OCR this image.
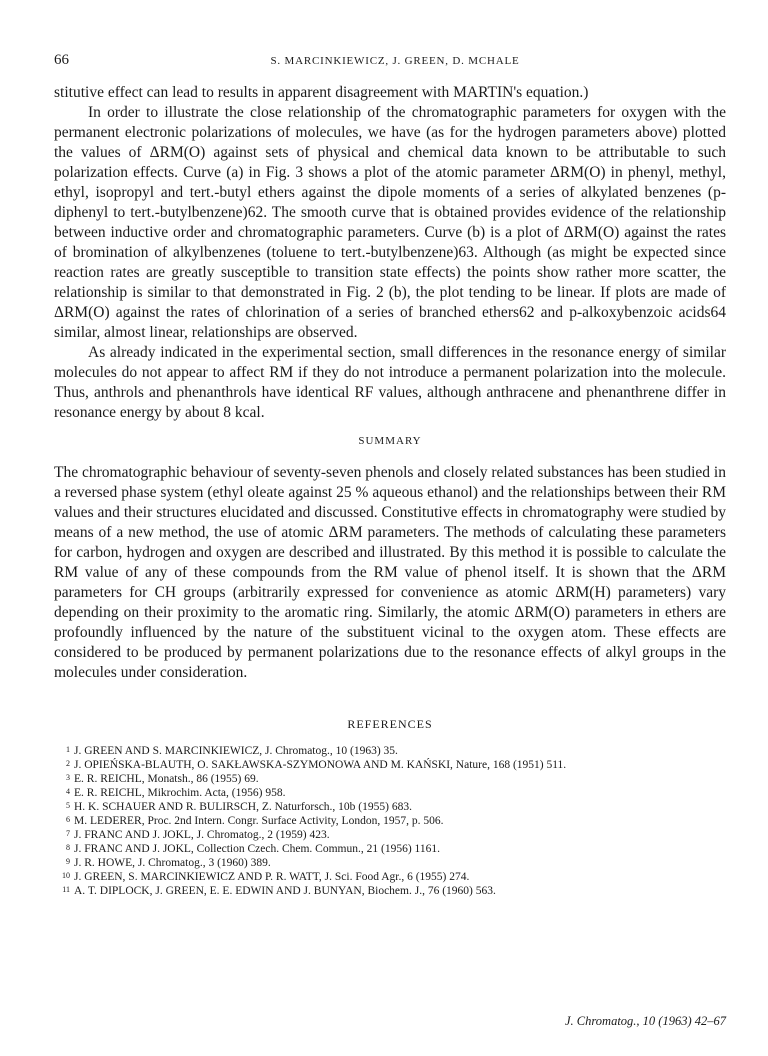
66	S. MARCINKIEWICZ, J. GREEN, D. MCHALE

stitutive effect can lead to results in apparent disagreement with MARTIN's equation.)

In order to illustrate the close relationship of the chromatographic parameters for oxygen with the permanent electronic polarizations of molecules, we have (as for the hydrogen parameters above) plotted the values of ΔRM(O) against sets of physical and chemical data known to be attributable to such polarization effects. Curve (a) in Fig. 3 shows a plot of the atomic parameter ΔRM(O) in phenyl, methyl, ethyl, isopropyl and tert.-butyl ethers against the dipole moments of a series of alkylated benzenes (p-diphenyl to tert.-butylbenzene)62. The smooth curve that is obtained provides evidence of the relationship between inductive order and chromatographic parameters. Curve (b) is a plot of ΔRM(O) against the rates of bromination of alkylbenzenes (toluene to tert.-butylbenzene)63. Although (as might be expected since reaction rates are greatly susceptible to transition state effects) the points show rather more scatter, the relationship is similar to that demonstrated in Fig. 2 (b), the plot tending to be linear. If plots are made of ΔRM(O) against the rates of chlorination of a series of branched ethers62 and p-alkoxybenzoic acids64 similar, almost linear, relationships are observed.

As already indicated in the experimental section, small differences in the resonance energy of similar molecules do not appear to affect RM if they do not introduce a permanent polarization into the molecule. Thus, anthrols and phenanthrols have identical RF values, although anthracene and phenanthrene differ in resonance energy by about 8 kcal.

SUMMARY

The chromatographic behaviour of seventy-seven phenols and closely related substances has been studied in a reversed phase system (ethyl oleate against 25 % aqueous ethanol) and the relationships between their RM values and their structures elucidated and discussed. Constitutive effects in chromatography were studied by means of a new method, the use of atomic ΔRM parameters. The methods of calculating these parameters for carbon, hydrogen and oxygen are described and illustrated. By this method it is possible to calculate the RM value of any of these compounds from the RM value of phenol itself. It is shown that the ΔRM parameters for CH groups (arbitrarily expressed for convenience as atomic ΔRM(H) parameters) vary depending on their proximity to the aromatic ring. Similarly, the atomic ΔRM(O) parameters in ethers are profoundly influenced by the nature of the substituent vicinal to the oxygen atom. These effects are considered to be produced by permanent polarizations due to the resonance effects of alkyl groups in the molecules under consideration.

REFERENCES
1 J. GREEN AND S. MARCINKIEWICZ, J. Chromatog., 10 (1963) 35.
2 J. OPIEŃSKA-BLAUTH, O. SAKŁAWSKA-SZYMONOWA AND M. KAŃSKI, Nature, 168 (1951) 511.
3 E. R. REICHL, Monatsh., 86 (1955) 69.
4 E. R. REICHL, Mikrochim. Acta, (1956) 958.
5 H. K. SCHAUER AND R. BULIRSCH, Z. Naturforsch., 10b (1955) 683.
6 M. LEDERER, Proc. 2nd Intern. Congr. Surface Activity, London, 1957, p. 506.
7 J. FRANC AND J. JOKL, J. Chromatog., 2 (1959) 423.
8 J. FRANC AND J. JOKL, Collection Czech. Chem. Commun., 21 (1956) 1161.
9 J. R. HOWE, J. Chromatog., 3 (1960) 389.
10 J. GREEN, S. MARCINKIEWICZ AND P. R. WATT, J. Sci. Food Agr., 6 (1955) 274.
11 A. T. DIPLOCK, J. GREEN, E. E. EDWIN AND J. BUNYAN, Biochem. J., 76 (1960) 563.
J. Chromatog., 10 (1963) 42–67
